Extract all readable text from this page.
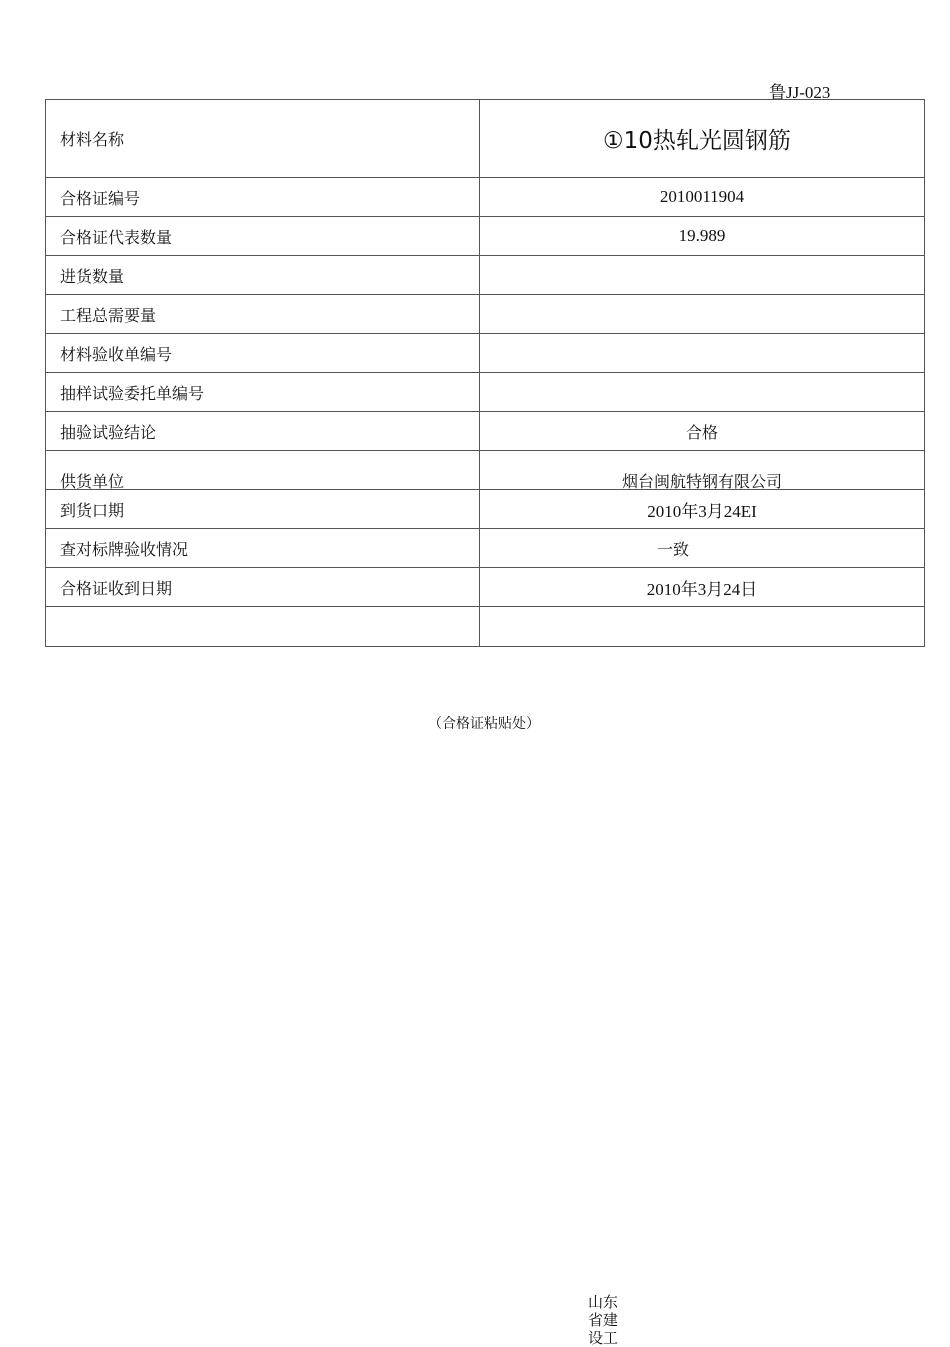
鲁JJ-023
材料名称	①10热轧光圆钢筋
合格证编号	2010011904
合格证代表数量	19.989
进货数量	
工程总需要量	
材料验收单编号	
抽样试验委托单编号	
抽验试验结论	合格
供货单位	烟台闽航特钢有限公司
到货口期	2010年3月24EI
查对标牌验收情况	一致
合格证收到日期	2010年3月24日

（合格证粘贴处）
山东省建设工
